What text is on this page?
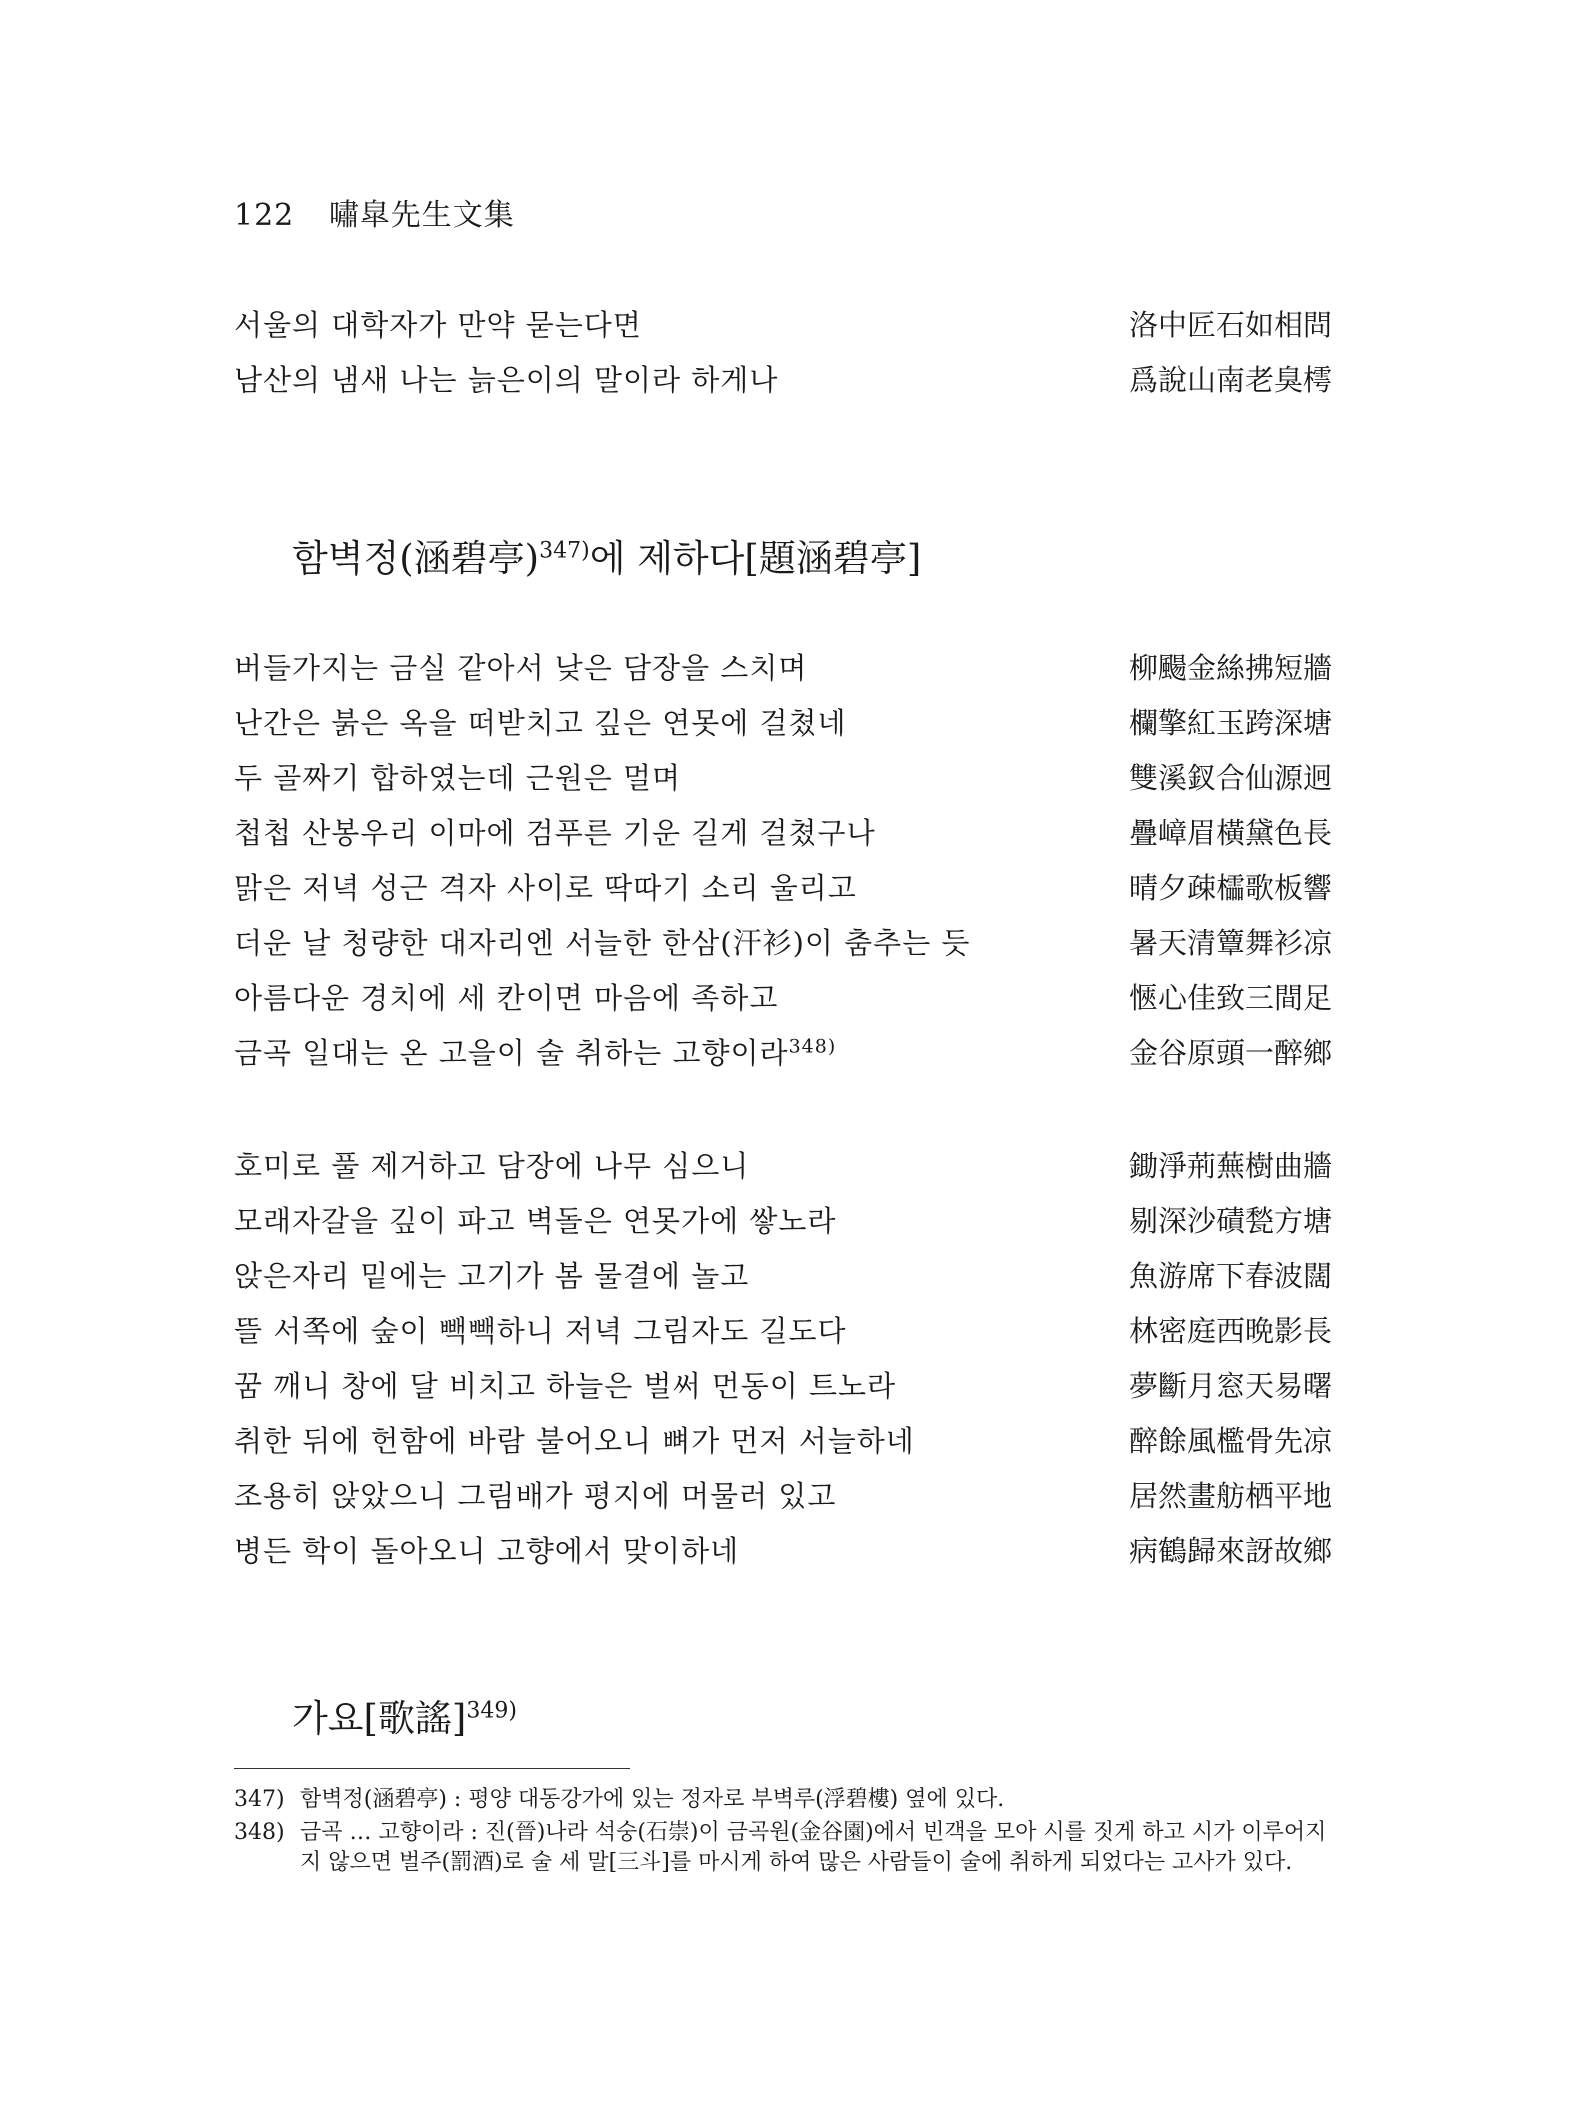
122 嘯皐先生文集
서울의 대학자가 만약 묻는다면	洛中匠石如相問
남산의 냄새 나는 늙은이의 말이라 하게나	爲說山南老臭樗
함벽정(涵碧亭)$^{347)}$에 제하다[題涵碧亭]
버들가지는 금실 같아서 낮은 담장을 스치며	柳颺金絲拂短牆
난간은 붉은 옥을 떠받치고 깊은 연못에 걸쳤네	欄擎紅玉跨深塘
두 골짜기 합하였는데 근원은 멀며	雙溪釵合仙源迥
첩첩 산봉우리 이마에 검푸른 기운 길게 걸쳤구나	疊嶂眉橫黛色長
맑은 저녁 성근 격자 사이로 딱따기 소리 울리고	晴夕疎櫺歌板響
더운 날 청량한 대자리엔 서늘한 한삼(汗衫)이 춤추는 듯	暑天清簟舞衫凉
아름다운 경치에 세 칸이면 마음에 족하고	愜心佳致三間足
금곡 일대는 온 고을이 술 취하는 고향이라$^{348)}$	金谷原頭一醉鄉
호미로 풀 제거하고 담장에 나무 심으니	鋤淨荊蕪樹曲牆
모래자갈을 깊이 파고 벽돌은 연못가에 쌓노라	剔深沙磧甃方塘
앉은자리 밑에는 고기가 봄 물결에 놀고	魚游席下春波闊
뜰 서쪽에 숲이 빽빽하니 저녁 그림자도 길도다	林密庭西晩影長
꿈 깨니 창에 달 비치고 하늘은 벌써 먼동이 트노라	夢斷月窓天易曙
취한 뒤에 헌함에 바람 불어오니 뼈가 먼저 서늘하네	醉餘風檻骨先凉
조용히 앉았으니 그림배가 평지에 머물러 있고	居然畫舫栖平地
병든 학이 돌아오니 고향에서 맞이하네	病鶴歸來訝故鄉
가요[歌謠]$^{349)}$
347) 함벽정(涵碧亭) : 평양 대동강가에 있는 정자로 부벽루(浮碧樓) 옆에 있다.
348) 금곡 … 고향이라 : 진(晉)나라 석숭(石崇)이 금곡원(金谷園)에서 빈객을 모아 시를 짓게 하고 시가 이루어지지 않으면 벌주(罰酒)로 술 세 말[三斗]를 마시게 하여 많은 사람들이 술에 취하게 되었다는 고사가 있다.
